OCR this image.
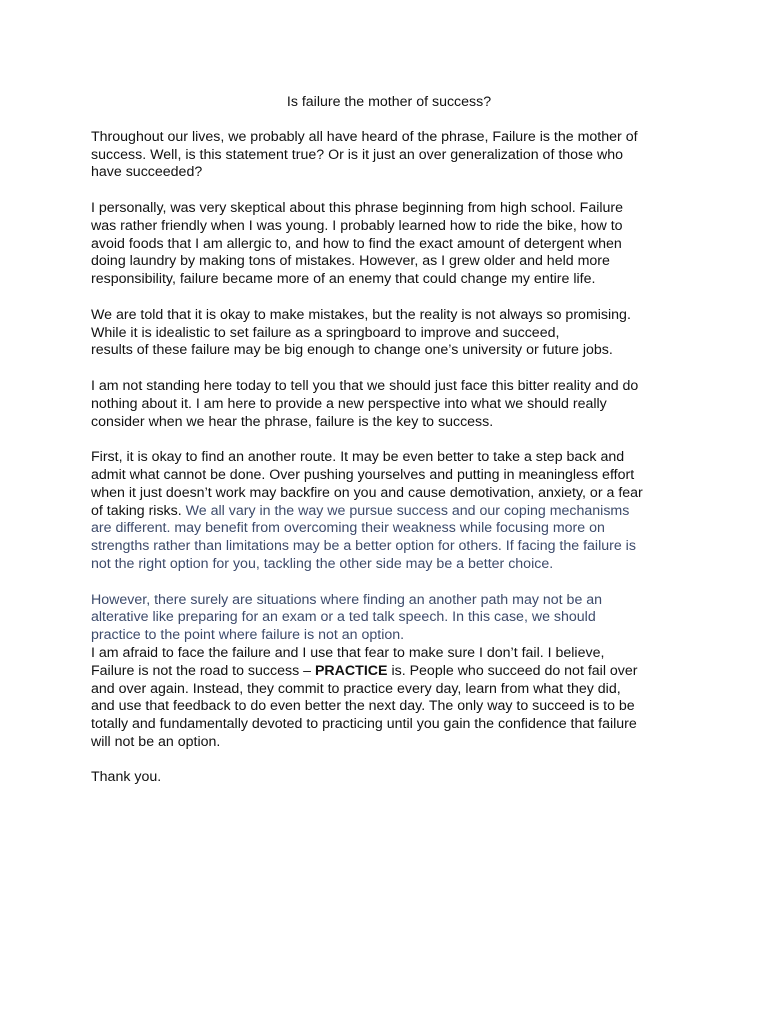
Is failure the mother of success?
Throughout our lives, we probably all have heard of the phrase, Failure is the mother of
success. Well, is this statement true? Or is it just an over generalization of those who
have succeeded?
I personally, was very skeptical about this phrase beginning from high school. Failure
was rather friendly when I was young. I probably learned how to ride the bike, how to
avoid foods that I am allergic to, and how to find the exact amount of detergent when
doing laundry by making tons of mistakes. However, as I grew older and held more
responsibility, failure became more of an enemy that could change my entire life.
We are told that it is okay to make mistakes, but the reality is not always so promising.
While it is idealistic to set failure as a springboard to improve and succeed,
results of these failure may be big enough to change one’s university or future jobs.
I am not standing here today to tell you that we should just face this bitter reality and do
nothing about it. I am here to provide a new perspective into what we should really
consider when we hear the phrase, failure is the key to success.
First, it is okay to find an another route. It may be even better to take a step back and
admit what cannot be done. Over pushing yourselves and putting in meaningless effort
when it just doesn’t work may backfire on you and cause demotivation, anxiety, or a fear
of taking risks. We all vary in the way we pursue success and our coping mechanisms
are different. may benefit from overcoming their weakness while focusing more on
strengths rather than limitations may be a better option for others. If facing the failure is
not the right option for you, tackling the other side may be a better choice.
However, there surely are situations where finding an another path may not be an
alterative like preparing for an exam or a ted talk speech. In this case, we should
practice to the point where failure is not an option.
I am afraid to face the failure and I use that fear to make sure I don’t fail. I believe,
Failure is not the road to success – PRACTICE is. People who succeed do not fail over
and over again. Instead, they commit to practice every day, learn from what they did,
and use that feedback to do even better the next day. The only way to succeed is to be
totally and fundamentally devoted to practicing until you gain the confidence that failure
will not be an option.
Thank you.
